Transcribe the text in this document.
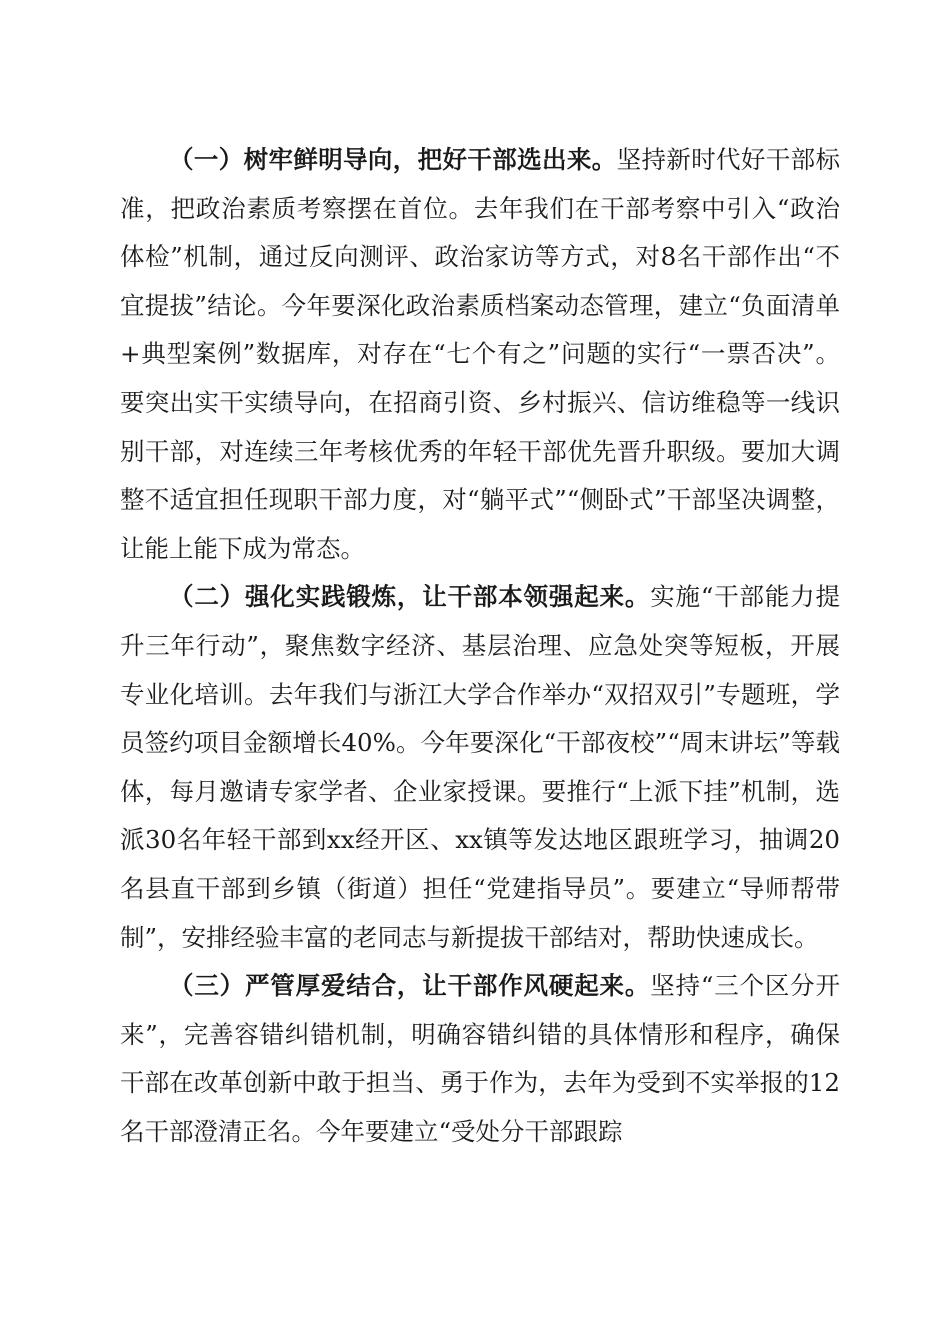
（一）树牢鲜明导向，把好干部选出来。坚持新时代好干部标准，把政治素质考察摆在首位。去年我们在干部考察中引入“政治体检”机制，通过反向测评、政治家访等方式，对8名干部作出“不宜提拔”结论。今年要深化政治素质档案动态管理，建立“负面清单+典型案例”数据库，对存在“七个有之”问题的实行“一票否决”。要突出实干实绩导向，在招商引资、乡村振兴、信访维稳等一线识别干部，对连续三年考核优秀的年轻干部优先晋升职级。要加大调整不适宜担任现职干部力度，对“躺平式”“侧卧式”干部坚决调整，让能上能下成为常态。

（二）强化实践锻炼，让干部本领强起来。实施“干部能力提升三年行动”，聚焦数字经济、基层治理、应急处突等短板，开展专业化培训。去年我们与浙江大学合作举办“双招双引”专题班，学员签约项目金额增长40%。今年要深化“干部夜校”“周末讲坛”等载体，每月邀请专家学者、企业家授课。要推行“上派下挂”机制，选派30名年轻干部到xx经开区、xx镇等发达地区跟班学习，抽调20名县直干部到乡镇（街道）担任“党建指导员”。要建立“导师帮带制”，安排经验丰富的老同志与新提拔干部结对，帮助快速成长。

（三）严管厚爱结合，让干部作风硬起来。坚持“三个区分开来”，完善容错纠错机制，明确容错纠错的具体情形和程序，确保干部在改革创新中敢于担当、勇于作为，去年为受到不实举报的12名干部澄清正名。今年要建立“受处分干部跟踪
